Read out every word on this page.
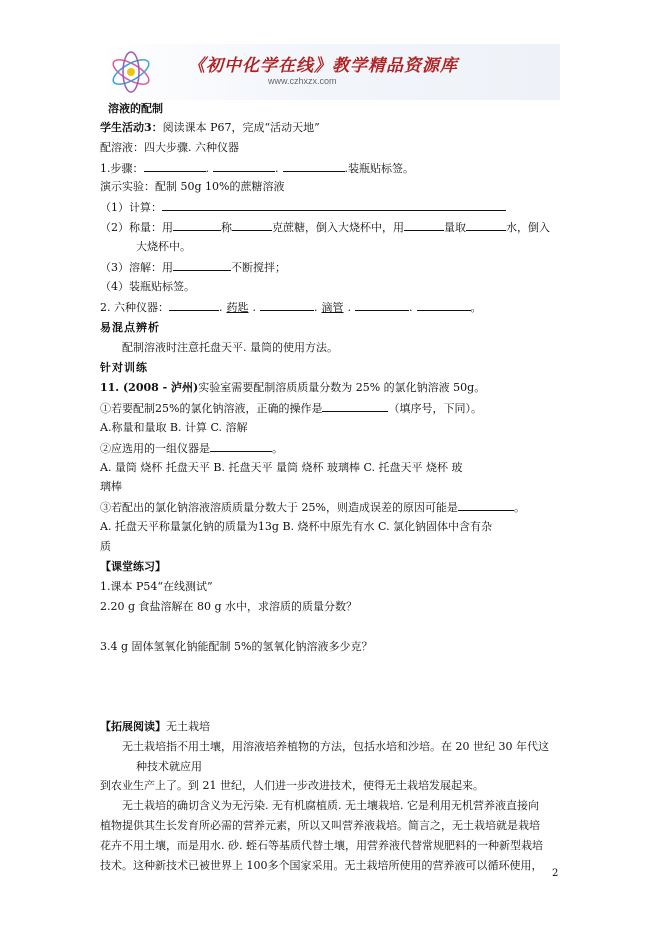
《初中化学在线》教学精品资源库
www.czhxzx.com
溶液的配制
学生活动3：阅读课本 P67，完成“活动天地”
配溶液：四大步骤. 六种仪器
1.步骤：	.	.	.装瓶贴标签。
演示实验：配制 50g 10%的蔗糖溶液
（1）计算：
（2）称量：用	称	克蔗糖，倒入大烧杯中，用	量取	水，倒入
大烧杯中。
（3）溶解：用	不断搅拌；
（4）装瓶贴标签。
2. 六种仪器：	. 药匙 .	. 滴管 .	.	。
易混点辨析
配制溶液时注意托盘天平. 量筒的使用方法。
针对训练
11. (2008 - 泸州)实验室需要配制溶质质量分数为 25% 的氯化钠溶液 50g。
①若要配制25%的氯化钠溶液，正确的操作是	（填序号，下同）。
A.称量和量取 B. 计算 C. 溶解
②应选用的一组仪器是	。
A. 量筒 烧杯 托盘天平 B. 托盘天平 量筒 烧杯 玻璃棒 C. 托盘天平 烧杯 玻
璃棒
③若配出的氯化钠溶液溶质质量分数大于 25%，则造成误差的原因可能是	。
A. 托盘天平称量氯化钠的质量为13g B. 烧杯中原先有水 C. 氯化钠固体中含有杂
质
【课堂练习】
1.课本 P54“在线测试”
2.20 g 食盐溶解在 80 g 水中，求溶质的质量分数？
3.4 g 固体氢氧化钠能配制 5%的氢氧化钠溶液多少克？
【拓展阅读】无土栽培
无土栽培指不用土壤，用溶液培养植物的方法，包括水培和沙培。在 20 世纪 30 年代这
种技术就应用
到农业生产上了。到 21 世纪，人们进一步改进技术，使得无土栽培发展起来。
无土栽培的确切含义为无污染. 无有机腐植质. 无土壤栽培. 它是利用无机营养液直接向
植物提供其生长发育所必需的营养元素，所以又叫营养液栽培。简言之，无土栽培就是栽培
花卉不用土壤，而是用水. 砂. 蛭石等基质代替土壤，用营养液代替常规肥料的一种新型栽培
技术。这种新技术已被世界上 100多个国家采用。无土栽培所使用的营养液可以循环使用，
2
